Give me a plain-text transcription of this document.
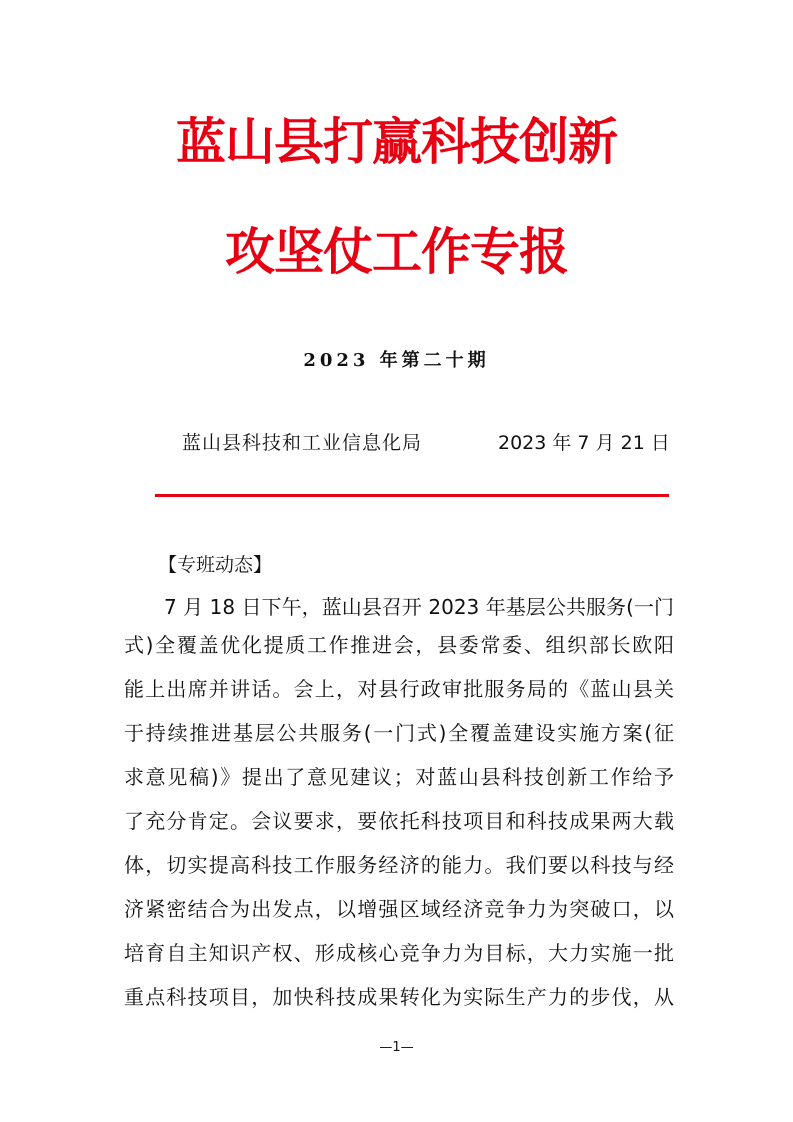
蓝山县打赢科技创新
攻坚仗工作专报
2023 年第二十期
蓝山县科技和工业信息化局	2023 年 7 月 21 日
【专班动态】
7 月 18 日下午，蓝山县召开 2023 年基层公共服务(一门
式)全覆盖优化提质工作推进会，县委常委、组织部长欧阳
能上出席并讲话。会上，对县行政审批服务局的《蓝山县关
于持续推进基层公共服务(一门式)全覆盖建设实施方案(征
求意见稿)》提出了意见建议；对蓝山县科技创新工作给予
了充分肯定。会议要求，要依托科技项目和科技成果两大载
体，切实提高科技工作服务经济的能力。我们要以科技与经
济紧密结合为出发点，以增强区域经济竞争力为突破口，以
培育自主知识产权、形成核心竞争力为目标，大力实施一批
重点科技项目，加快科技成果转化为实际生产力的步伐，从
—1—
